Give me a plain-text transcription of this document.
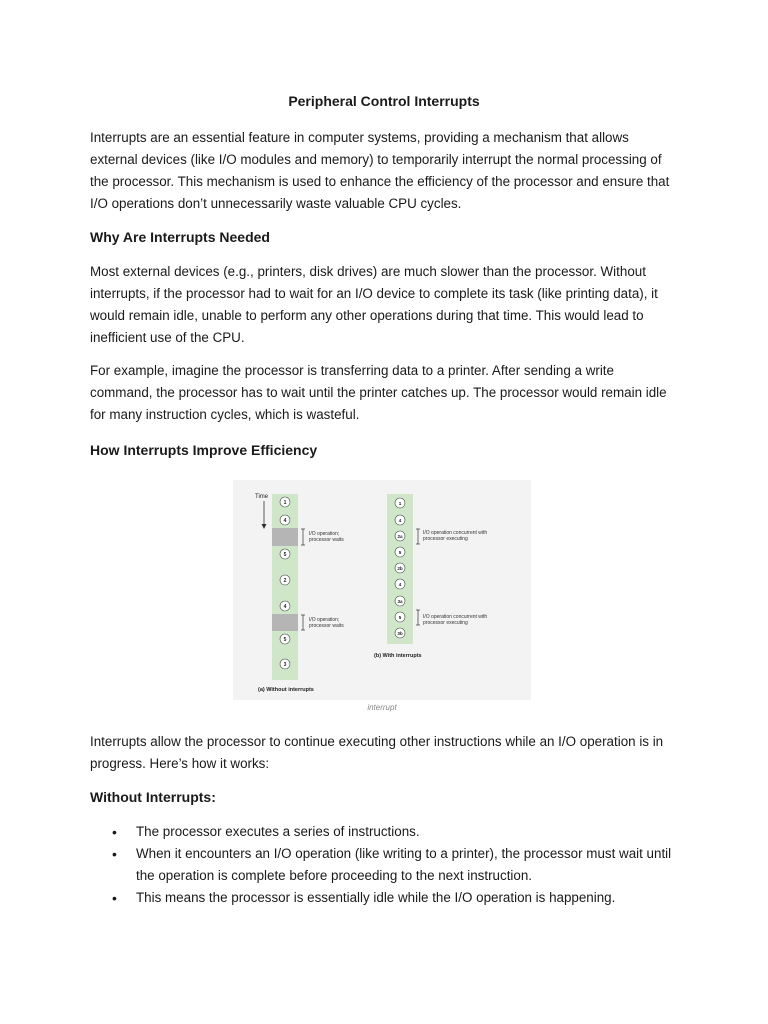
Peripheral Control Interrupts

Interrupts are an essential feature in computer systems, providing a mechanism that allows external devices (like I/O modules and memory) to temporarily interrupt the normal processing of the processor. This mechanism is used to enhance the efficiency of the processor and ensure that I/O operations don’t unnecessarily waste valuable CPU cycles.

Why Are Interrupts Needed

Most external devices (e.g., printers, disk drives) are much slower than the processor. Without interrupts, if the processor had to wait for an I/O device to complete its task (like printing data), it would remain idle, unable to perform any other operations during that time. This would lead to inefficient use of the CPU.

For example, imagine the processor is transferring data to a printer. After sending a write command, the processor has to wait until the printer catches up. The processor would remain idle for many instruction cycles, which is wasteful.

How Interrupts Improve Efficiency
Time
1
4
5
2
4
5
3
I/O operation;
processor waits
I/O operation;
processor waits
(a) Without interrupts
1
4
2a
5
2b
4
3a
5
3b
I/O operation concurrent with
processor executing
I/O operation concurrent with
processor executing
(b) With interrupts
interrupt

Interrupts allow the processor to continue executing other instructions while an I/O operation is in progress. Here’s how it works:

Without Interrupts:
• The processor executes a series of instructions.
• When it encounters an I/O operation (like writing to a printer), the processor must wait until the operation is complete before proceeding to the next instruction.
• This means the processor is essentially idle while the I/O operation is happening.
